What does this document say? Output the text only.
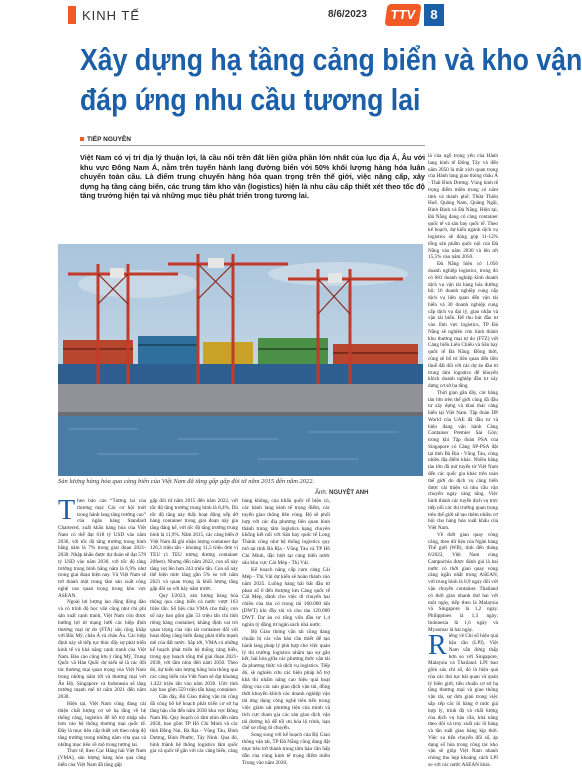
KINH TẾ	8/6/2023	TTV	8
Xây dựng hạ tầng cảng biển và kho vận
đáp ứng nhu cầu tương lai
TIẾP NGUYÊN
Việt Nam có vị trí địa lý thuận lợi, là cầu nối trên đất liền giữa phần lớn nhất của lục địa Á, Âu với khu vực Đông Nam Á, nằm trên tuyến hành lang đường biển với 50% khối lượng hàng hóa luân chuyển toàn cầu. Là điểm trung chuyển hàng hóa quan trọng trên thế giới, việc nâng cấp, xây dựng hạ tầng cảng biển, các trung tâm kho vận (logistics) hiện là nhu cầu cấp thiết xét theo tốc độ tăng trưởng hiện tại và những mục tiêu phát triển trong tương lai.
Sản lượng hàng hóa qua cảng biển của Việt Nam đã tăng gấp gấp đôi từ năm 2015 đến năm 2022.
Ảnh: NGUYỆT ANH

Theo báo cáo “Tương lai của thương mại: Các cơ hội mới trong hành lang tăng trưởng cao” của ngân hàng Standard Chartered, xuất khẩu hàng hóa của Việt Nam có thể đạt 618 tỷ USD vào năm 2030, với tốc độ tăng trưởng trung bình hằng năm là 7% trong giai đoạn 2021-2030. Nhập khẩu được dự đoán sẽ đạt 578 tỷ USD vào năm 2030, với tốc độ tăng trưởng trung bình hằng năm là 6,9% như trong giai đoạn hiện nay. Và Việt Nam sẽ trở thành một trung tâm sản xuất công nghệ cao quan trọng trong khu vực ASEAN.

Ngoài lợi lượng lao động đông đảo và có trình độ học vấn cũng như chi phí sản xuất cạnh tranh, Việt Nam còn được hưởng lợi từ mạng lưới các hiệp định thương mại tự do (FTA) sâu rộng khắp với Bắc Mỹ, châu Á và châu Âu. Các hiệp định này sẽ tiếp tục thúc đẩy sự phát triển kinh tế và khả năng cạnh tranh của Việt Nam. Báo cáo cũng lưu ý rằng Mỹ, Trung Quốc và Hàn Quốc dự kiến sẽ là các đối tác thương mại quan trọng của Việt Nam trong những năm tới và thương mại với Ấn Độ, Singapore và Indonesia sẽ tăng trưởng mạnh mẽ từ năm 2021 đến năm 2030.

Hiện tại, Việt Nam cũng đang cải thiện chất lượng cơ sở hạ tầng về hệ thống cảng, logistics để hỗ trợ nhập sâu hơn vào hệ thống thương mại quốc tế. Đây là mục tiêu cấp thiết xét theo nhịp độ tăng trưởng trong những năm vừa qua và những mục tiêu về mô trong tương lai.

Thực tế, theo Cục Hàng hải Việt Nam (VMA), sản lượng hàng hóa qua cảng biển của Việt Nam đã tăng gấp

gấp đôi từ năm 2015 đến năm 2022, với tốc độ tăng trưởng trung bình là 8,4%. Dù tốc độ tăng này thấy hoạt động xếp dỡ hàng container trong giai đoạn này gia tăng đáng kể, với tốc độ tăng trưởng trung bình là 11,9%. Năm 2015, các cảng biển ở Việt Nam đã ghi nhận lượng container đạt 126,3 triệu tấn - khoảng 11,5 triệu đơn vị TEU (1 TEU tương đương container 20feet). Nhưng đến năm 2022, con số này tăng vọt lên hơn 243 triệu tấn. Con số này thể hiện mức tăng gần 5% so với năm 2021 và quan trọng là khối lượng tăng gấp đôi so với bảy năm trước.

Quý I/2023, sản lượng hàng hóa thông qua cảng biển cả nước vượt 163 triệu tấn. Số liệu của VMA cho thấy, con số này bao gồm gần 53 triệu tấn chỉ tính riêng hàng container, khẳng định vai trò quan trọng của vận tải container đối với hoạt động cảng biển đang phát triển mạnh mẽ của đất nước. Sắp tới, VMA có những kế hoạch phát triển hệ thống cảng biển, trong quy hoạch tổng thể giai đoạn 2021-2030, với tầm nhìn đến năm 2050. Theo đó, dự kiến sản lượng hàng hóa thông qua các cảng biển của Việt Nam sẽ đạt khoảng 1.422 triệu tấn vào năm 2030. Ước tính này bao gồm 559 triệu tấn hàng container.

Gần đây, Bộ Giao thông vận tải cũng đã công bố kế hoạch phát triển cơ sở hạ tầng hậu cần đến năm 2030 khu vực Đông Nam Bộ. Quy hoạch có tầm nhìn đến năm 2050, bao gồm TP Hồ Chí Minh và các tỉnh Đồng Nai, Bà Rịa - Vũng Tàu, Bình Dương, Bình Phước, Tây Ninh. Qua đó, hình thành hệ thống logistics tầm quốc gia và quốc tế gắn với các cảng biển, cảng

hàng không, của khẩu quốc tế hiện có, các hành lang kinh tế trọng điểm, các tuyến giao thông liên vùng. Bộ sẽ phối hợp với các địa phương liên quan hình thành trung tâm logistics hạng chuyên khống kết nối với Sân bay quốc tế Long Thành cũng như hệ thống logistics quy mô tại tỉnh Bà Rịa - Vũng Tàu và TP Hồ Chí Minh, đặc biệt tại cảng biển nước sâu khu vực Cái Mép - Thị Vải.

Kế hoạch nâng cấp cụm cảng Cái Mép - Thị Vải dự kiến sẽ hoàn thành vào năm 2025. Luồng hàng hải bắt đầu từ phao số 0 đến thượng lưu Cảng quốc tế Cái Mép, dành cho việc di chuyển hai chiều của tàu có trọng tải 160.000 tấn (DWT) khi đầy tải và cho tàu 120.000 DWT. Dự án có tổng vốn đầu tư 1,4 nghìn tỷ đồng từ ngân sách nhà nước.

Bộ Giao thông vận tải cũng đang chuẩn bị các văn bản cần thiết để tạo hành lang pháp lý phù hợp cho việc quản lý thị trường logistics nhằm tạo sự gắn kết, hài hòa giữa các phương thức vận tải đa phương thức và dịch vụ logistics. Tiếp đó, sẽ nghiên cứu các biện pháp hỗ trợ khả thi nhằm nâng cao hiệu quả hoạt động của các sản giao dịch vận tải, đồng thời khuyến khích các doanh nghiệp vận tải ứng dụng công nghệ tiên tiến trong việc giám sát phương tiện của mình và tích cực tham gia các sản giao dịch vận tải đường bộ để tối ưu hóa lộ trình, hạn chế xe rỗng di chuyển.

Song song với kế hoạch của Bộ Giao thông vận tải, TP Đà Nẵng cũng đang đặt mục tiêu trở thành trung tâm hậu cần hấp dẫn của vùng kinh tế trọng điểm miền Trung vào năm 2030,

là của ngõ trọng yếu của Hành lang kinh tế Đông Tây và đến năm 2050 là mắt xích quan trọng của Hành lang giao thông châu Á - Thái Bình Dương. Vùng kinh tế trọng điểm miền trung có năm tỉnh và thành phố: Thừa Thiên Huế, Quảng Nam, Quảng Ngãi, Bình Định và Đà Nẵng. Hiện tại, Đà Nẵng đang có cảng container quốc tế và sân bay quốc tế. Theo kế hoạch, dự kiến ngành dịch vụ logistics sẽ đóng góp 11-12% tổng sản phẩm quốc nội của Đà Nẵng vào năm 2030 và lên tới 15,5% vào năm 2050.

Đà Nẵng hiện có 1.056 doanh nghiệp logistics, trong đó có 681 doanh nghiệp kinh doanh dịch vụ vận tải hàng hóa đường bộ; 16 doanh nghiệp cung cấp dịch vụ liên quan đến vận tải biển và 30 doanh nghiệp cung cấp dịch vụ đại lý, giao nhận và vận tải biển. Để thu hút đầu tư vào lĩnh vực logistics, TP Đà Nẵng sẽ nghiên cứu hình thành khu thương mại tự do (FTZ) với Cảng biển Liên Chiểu và Sân bay quốc tế Đà Nẵng. Đồng thời, cũng sẽ bố trí liên quan đến tiền thuế đất đối với các dự án đầu tư trung tâm logistics để khuyến khích doanh nghiệp đầu tư xây dựng cơ sở hạ tầng.

Thời gian gần đây, các hãng tàu lớn trên thế giới cũng đã đầu tư xây dựng và khai thác cảng biển tại Việt Nam. Tập đoàn DP World của UAE đã đầu tư và hiện đang vận hành Cảng Container Premier Sài Gòn; trong khi Tập đoàn PSA của Singapore có Cảng SP-PSA đặt tại tỉnh Bà Rịa - Vũng Tàu, cùng nhiều địa điểm khác. Nhiều hãng tàu lớn đã mở tuyến từ Việt Nam đến các quốc gia khác trên toàn thế giới do dịch vụ cảng biển được cải thiện và nhu cầu vận chuyển ngày càng tăng. Việc hình thành các tuyến dịch vụ trực tiếp nổi các thị trường quan trọng trên thế giới sẽ tạo thêm nhiều cơ hội cho hàng hóa xuất khẩu của Việt Nam.

Về thời gian quay vòng cảng, theo dữ liệu của Ngân hàng Thế giới (WB), tính đến tháng 6/2022, Việt Nam cùng Campuchia được đánh giá là hai nước có thời gian quay vòng cảng ngắn nhất trong ASEAN, với trung bình là 0,9 ngày đối với vận chuyển container. Thailand có thời gian nhanh thứ hai với một ngày, tiếp theo là Malaysia và Singapore là 1,2 ngày. Philippines là 1,3 ngày; Indonesia là 1,6 ngày và Myanmar là hai ngày.

Riêng về Chỉ số hiệu quả hậu cần (LPI), Việt Nam vẫn đứng thấp hơn so với Singapore, Malaysia và Thailand. LPI bao gồm sáu chỉ số, đó là hiệu quả của các thủ tục hải quan và quản lý biên giới, tiêu chuẩn cơ sở hạ tầng thương mại và giao thông vận tải, sự đơn giản trong việc sắp xếp các lô hàng ở mức giá hợp lý, trình độ và chất lượng của dịch vụ hậu cần, khả năng theo dõi và truy xuất các lô hàng và tần suất giao hàng kịp thời. Việc xu tiến chuyển đổi số, áp dụng số hóa trong công tác kho vận sẽ giúp Việt Nam nhanh chóng thu hẹp khoảng cách LPI so với các nước ASEAN khác.
